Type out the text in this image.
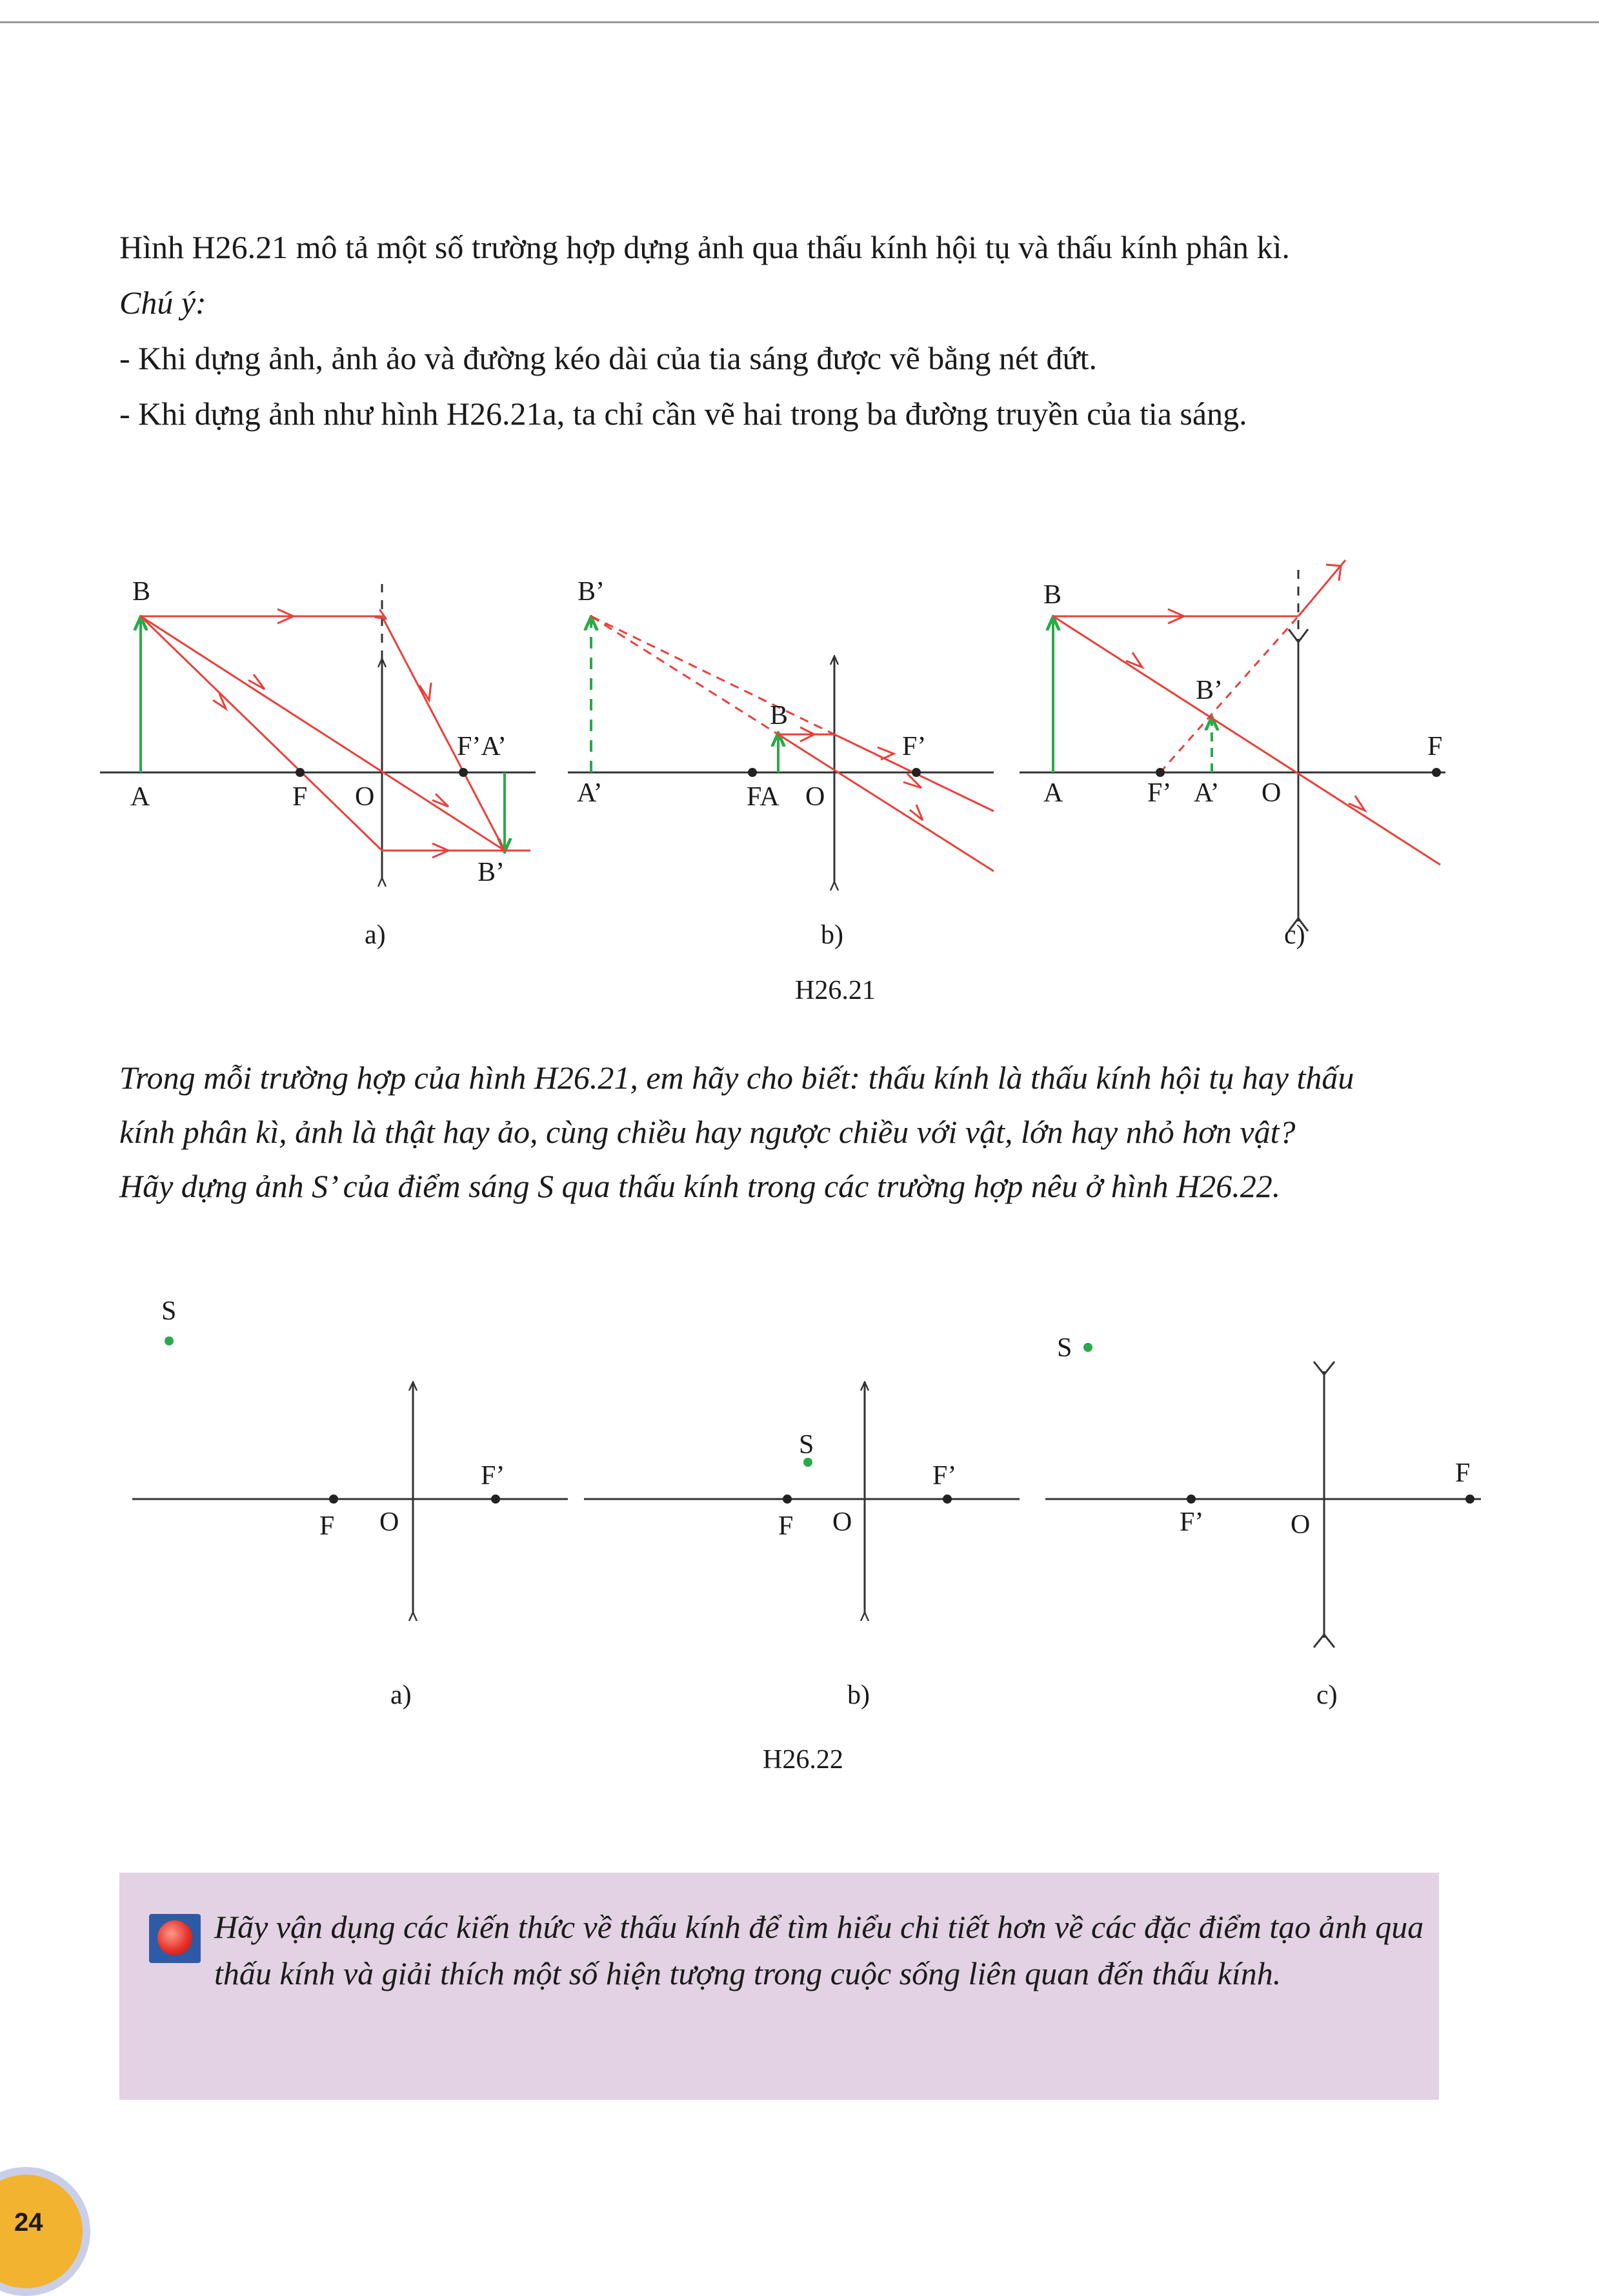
Hình H26.21 mô tả một số trường hợp dựng ảnh qua thấu kính hội tụ và thấu kính phân kì.

Chú ý:

- Khi dựng ảnh, ảnh ảo và đường kéo dài của tia sáng được vẽ bằng nét đứt.

- Khi dựng ảnh như hình H26.21a, ta chỉ cần vẽ hai trong ba đường truyền của tia sáng.

B
A	F O
F’A’
B’
a)
B’
A’
B
FA O
F’
b)
B
B’
F
A	F’ A’ O
c)
H26.21

Trong mỗi trường hợp của hình H26.21, em hãy cho biết: thấu kính là thấu kính hội tụ hay thấu

kính phân kì, ảnh là thật hay ảo, cùng chiều hay ngược chiều với vật, lớn hay nhỏ hơn vật?

Hãy dựng ảnh S’ của điểm sáng S qua thấu kính trong các trường hợp nêu ở hình H26.22.

S
F O
F’
a)
S
F O
F’
b)
S
F
F’	O
c)
H26.22
Hãy vận dụng các kiến thức về thấu kính để tìm hiểu chi tiết hơn về các đặc điểm tạo ảnh qua thấu kính và giải thích một số hiện tượng trong cuộc sống liên quan đến thấu kính.
24
